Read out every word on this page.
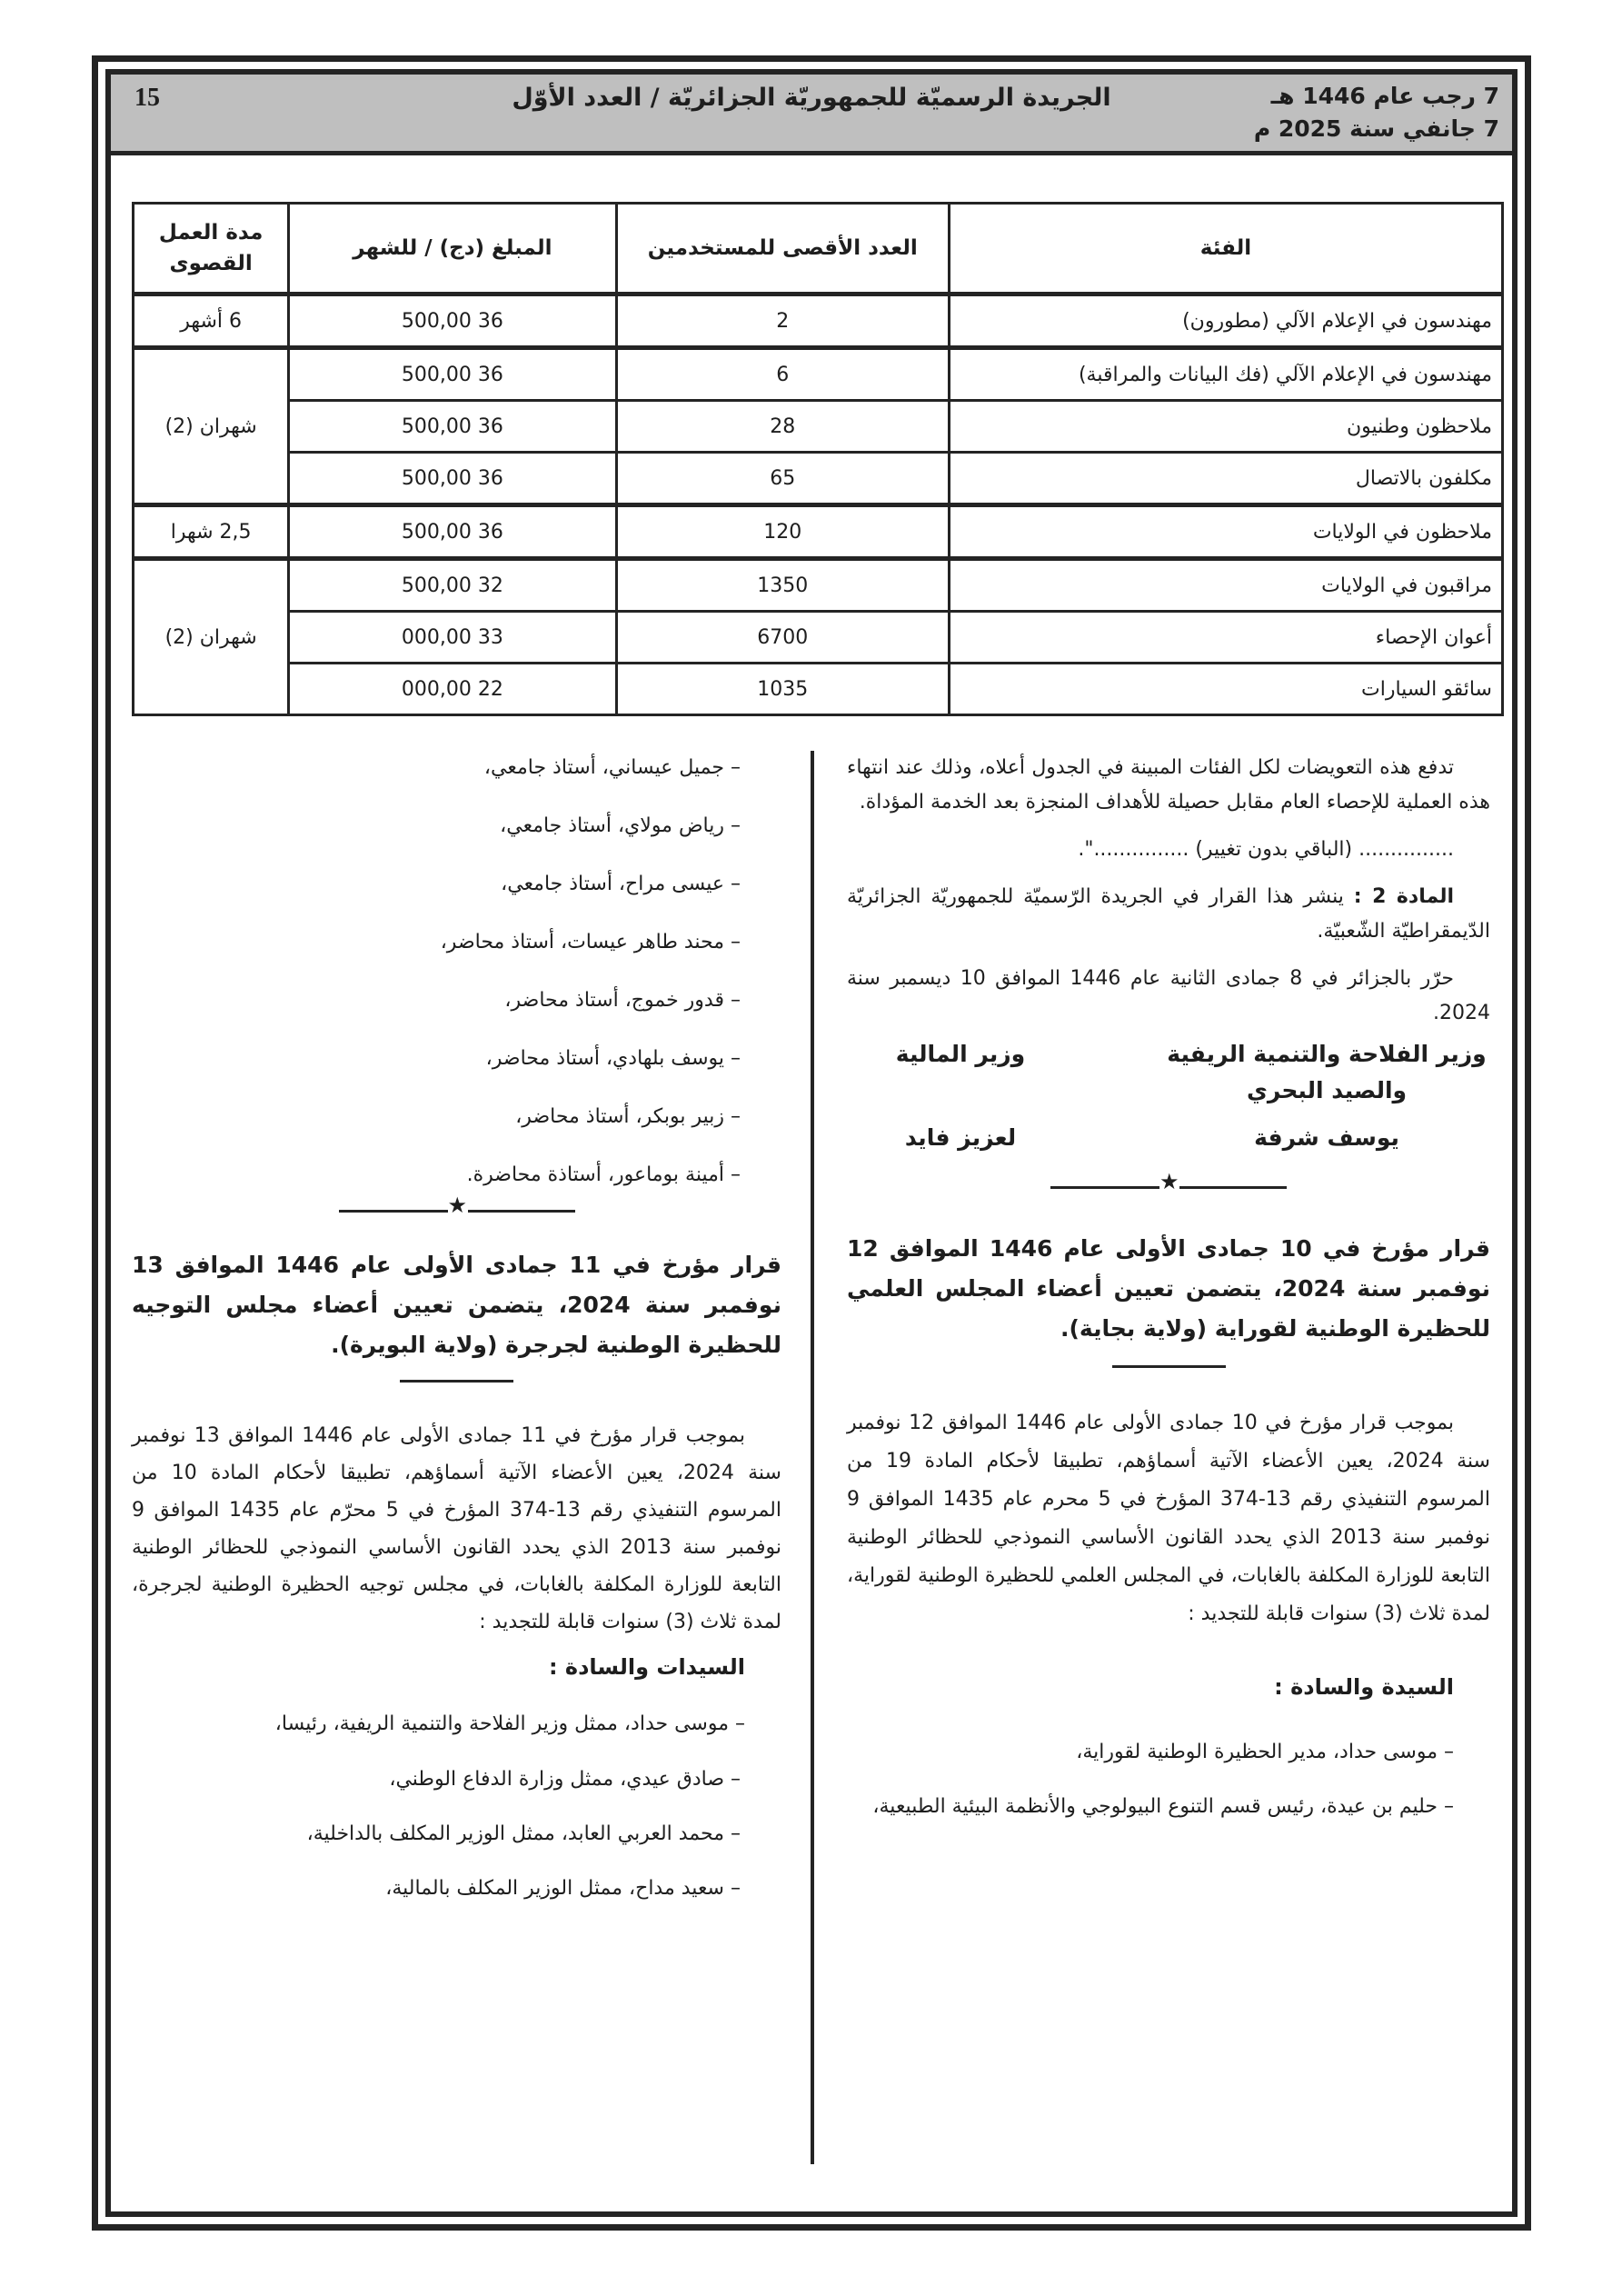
15	الجريدة الرسميّة للجمهوريّة الجزائريّة / العدد الأوّل	7 رجب عام 1446 هـ
7 جانفي سنة 2025 م
الفئة	العدد الأقصى للمستخدمين	المبلغ (دج) / للشهر	مدة العمل القصوى
مهندسون في الإعلام الآلي (مطورون)	2	36 500,00	6 أشهر
مهندسون في الإعلام الآلي (فك البيانات والمراقبة)	6	36 500,00	شهران (2)
ملاحظون وطنيون	28	36 500,00	
مكلفون بالاتصال	65	36 500,00	
ملاحظون في الولايات	120	36 500,00	2,5 شهرا
مراقبون في الولايات	1350	32 500,00	شهران (2)
أعوان الإحصاء	6700	33 000,00	
سائقو السيارات	1035	22 000,00	

تدفع هذه التعويضات لكل الفئات المبينة في الجدول أعلاه، وذلك عند انتهاء هذه العملية للإحصاء العام مقابل حصيلة للأهداف المنجزة بعد الخدمة المؤداة.

............... (الباقي بدون تغيير) ...............".

المادة 2 : ينشر هذا القرار في الجريدة الرّسميّة للجمهوريّة الجزائريّة الدّيمقراطيّة الشّعبيّة.

حرّر بالجزائر في 8 جمادى الثانية عام 1446 الموافق 10 ديسمبر سنة 2024.

وزير الفلاحة والتنمية الريفية والصيد البحري
يوسف شرفة
وزير المالية
لعزيز فايد
★

قرار مؤرخ في 10 جمادى الأولى عام 1446 الموافق 12 نوفمبر سنة 2024، يتضمن تعيين أعضاء المجلس العلمي للحظيرة الوطنية لقوراية (ولاية بجاية).

بموجب قرار مؤرخ في 10 جمادى الأولى عام 1446 الموافق 12 نوفمبر سنة 2024، يعين الأعضاء الآتية أسماؤهم، تطبيقا لأحكام المادة 19 من المرسوم التنفيذي رقم 13-374 المؤرخ في 5 محرم عام 1435 الموافق 9 نوفمبر سنة 2013 الذي يحدد القانون الأساسي النموذجي للحظائر الوطنية التابعة للوزارة المكلفة بالغابات، في المجلس العلمي للحظيرة الوطنية لقوراية، لمدة ثلاث (3) سنوات قابلة للتجديد :

السيدة والسادة :

– موسى حداد، مدير الحظيرة الوطنية لقوراية،

– حليم بن عيدة، رئيس قسم التنوع البيولوجي والأنظمة البيئية الطبيعية،

– جميل عيساني، أستاذ جامعي،

– رياض مولاي، أستاذ جامعي،

– عيسى مراح، أستاذ جامعي،

– محند طاهر عيسات، أستاذ محاضر،

– قدور خموج، أستاذ محاضر،

– يوسف بلهادي، أستاذ محاضر،

– زبير بوبكر، أستاذ محاضر،

– أمينة بوماعور، أستاذة محاضرة.

★

قرار مؤرخ في 11 جمادى الأولى عام 1446 الموافق 13 نوفمبر سنة 2024، يتضمن تعيين أعضاء مجلس التوجيه للحظيرة الوطنية لجرجرة (ولاية البويرة).

بموجب قرار مؤرخ في 11 جمادى الأولى عام 1446 الموافق 13 نوفمبر سنة 2024، يعين الأعضاء الآتية أسماؤهم، تطبيقا لأحكام المادة 10 من المرسوم التنفيذي رقم 13-374 المؤرخ في 5 محرّم عام 1435 الموافق 9 نوفمبر سنة 2013 الذي يحدد القانون الأساسي النموذجي للحظائر الوطنية التابعة للوزارة المكلفة بالغابات، في مجلس توجيه الحظيرة الوطنية لجرجرة، لمدة ثلاث (3) سنوات قابلة للتجديد :

السيدات والسادة :

– موسى حداد، ممثل وزير الفلاحة والتنمية الريفية، رئيسا،

– صادق عيدي، ممثل وزارة الدفاع الوطني،

– محمد العربي العابد، ممثل الوزير المكلف بالداخلية،

– سعيد مداح، ممثل الوزير المكلف بالمالية،
